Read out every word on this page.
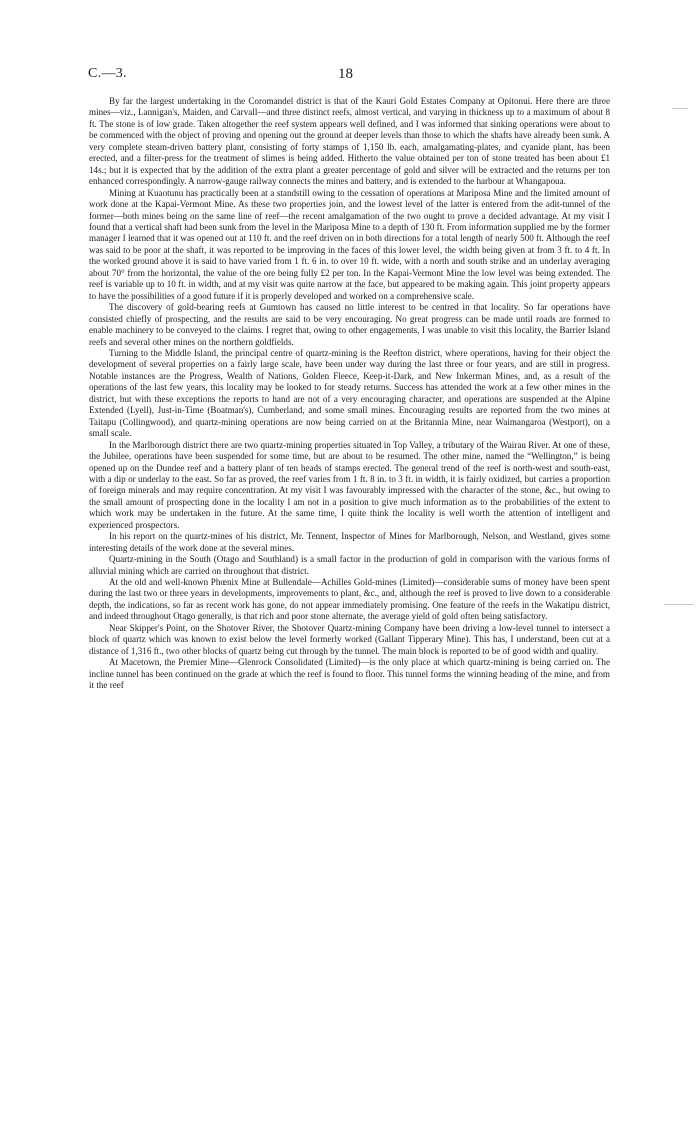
C.—3.	18

By far the largest undertaking in the Coromandel district is that of the Kauri Gold Estates Company at Opitonui. Here there are three mines—viz., Lannigan's, Maiden, and Carvall—and three distinct reefs, almost vertical, and varying in thickness up to a maximum of about 8 ft. The stone is of low grade. Taken altogether the reef system appears well defined, and I was informed that sinking operations were about to be commenced with the object of proving and opening out the ground at deeper levels than those to which the shafts have already been sunk. A very complete steam-driven battery plant, consisting of forty stamps of 1,150 lb. each, amalgamating-plates, and cyanide plant, has been erected, and a filter-press for the treatment of slimes is being added. Hitherto the value obtained per ton of stone treated has been about £1 14s.; but it is expected that by the addition of the extra plant a greater percentage of gold and silver will be extracted and the returns per ton enhanced correspondingly. A narrow-gauge railway connects the mines and battery, and is extended to the harbour at Whangapoua.

Mining at Kuaotunu has practically been at a standstill owing to the cessation of operations at Mariposa Mine and the limited amount of work done at the Kapai-Vermont Mine. As these two properties join, and the lowest level of the latter is entered from the adit-tunnel of the former—both mines being on the same line of reef—the recent amalgamation of the two ought to prove a decided advantage. At my visit I found that a vertical shaft had been sunk from the level in the Mariposa Mine to a depth of 130 ft. From information supplied me by the former manager I learned that it was opened out at 110 ft. and the reef driven on in both directions for a total length of nearly 500 ft. Although the reef was said to be poor at the shaft, it was reported to be improving in the faces of this lower level, the width being given at from 3 ft. to 4 ft. In the worked ground above it is said to have varied from 1 ft. 6 in. to over 10 ft. wide, with a north and south strike and an underlay averaging about 70° from the horizontal, the value of the ore being fully £2 per ton. In the Kapai-Vermont Mine the low level was being extended. The reef is variable up to 10 ft. in width, and at my visit was quite narrow at the face, but appeared to be making again. This joint property appears to have the possibilities of a good future if it is properly developed and worked on a comprehensive scale.

The discovery of gold-bearing reefs at Gumtown has caused no little interest to be centred in that locality. So far operations have consisted chiefly of prospecting, and the results are said to be very encouraging. No great progress can be made until roads are formed to enable machinery to be conveyed to the claims. I regret that, owing to other engagements, I was unable to visit this locality, the Barrier Island reefs and several other mines on the northern goldfields.

Turning to the Middle Island, the principal centre of quartz-mining is the Reefton district, where operations, having for their object the development of several properties on a fairly large scale, have been under way during the last three or four years, and are still in progress. Notable instances are the Progress, Wealth of Nations, Golden Fleece, Keep-it-Dark, and New Inkerman Mines, and, as a result of the operations of the last few years, this locality may be looked to for steady returns. Success has attended the work at a few other mines in the district, but with these exceptions the reports to hand are not of a very encouraging character, and operations are suspended at the Alpine Extended (Lyell), Just-in-Time (Boatman's), Cumberland, and some small mines. Encouraging results are reported from the two mines at Taitapu (Collingwood), and quartz-mining operations are now being carried on at the Britannia Mine, near Waimangaroa (Westport), on a small scale.

In the Marlborough district there are two quartz-mining properties situated in Top Valley, a tributary of the Wairau River. At one of these, the Jubilee, operations have been suspended for some time, but are about to be resumed. The other mine, named the “Wellington,” is being opened up on the Dundee reef and a battery plant of ten heads of stamps erected. The general trend of the reef is north-west and south-east, with a dip or underlay to the east. So far as proved, the reef varies from 1 ft. 8 in. to 3 ft. in width, it is fairly oxidized, but carries a proportion of foreign minerals and may require concentration. At my visit I was favourably impressed with the character of the stone, &c., but owing to the small amount of prospecting done in the locality I am not in a position to give much information as to the probabilities of the extent to which work may be undertaken in the future. At the same time, I quite think the locality is well worth the attention of intelligent and experienced prospectors.

In his report on the quartz-mines of his district, Mr. Tennent, Inspector of Mines for Marlborough, Nelson, and Westland, gives some interesting details of the work done at the several mines.

Quartz-mining in the South (Otago and Southland) is a small factor in the production of gold in comparison with the various forms of alluvial mining which are carried on throughout that district.

At the old and well-known Phœnix Mine at Bullendale—Achilles Gold-mines (Limited)—considerable sums of money have been spent during the last two or three years in developments, improvements to plant, &c., and, although the reef is proved to live down to a considerable depth, the indications, so far as recent work has gone, do not appear immediately promising. One feature of the reefs in the Wakatipu district, and indeed throughout Otago generally, is that rich and poor stone alternate, the average yield of gold often being satisfactory.

Near Skipper's Point, on the Shotover River, the Shotover Quartz-mining Company have been driving a low-level tunnel to intersect a block of quartz which was known to exist below the level formerly worked (Gallant Tipperary Mine). This has, I understand, been cut at a distance of 1,316 ft., two other blocks of quartz being cut through by the tunnel. The main block is reported to be of good width and quality.

At Macetown, the Premier Mine—Glenrock Consolidated (Limited)—is the only place at which quartz-mining is being carried on. The incline tunnel has been continued on the grade at which the reef is found to floor. This tunnel forms the winning heading of the mine, and from it the reef
